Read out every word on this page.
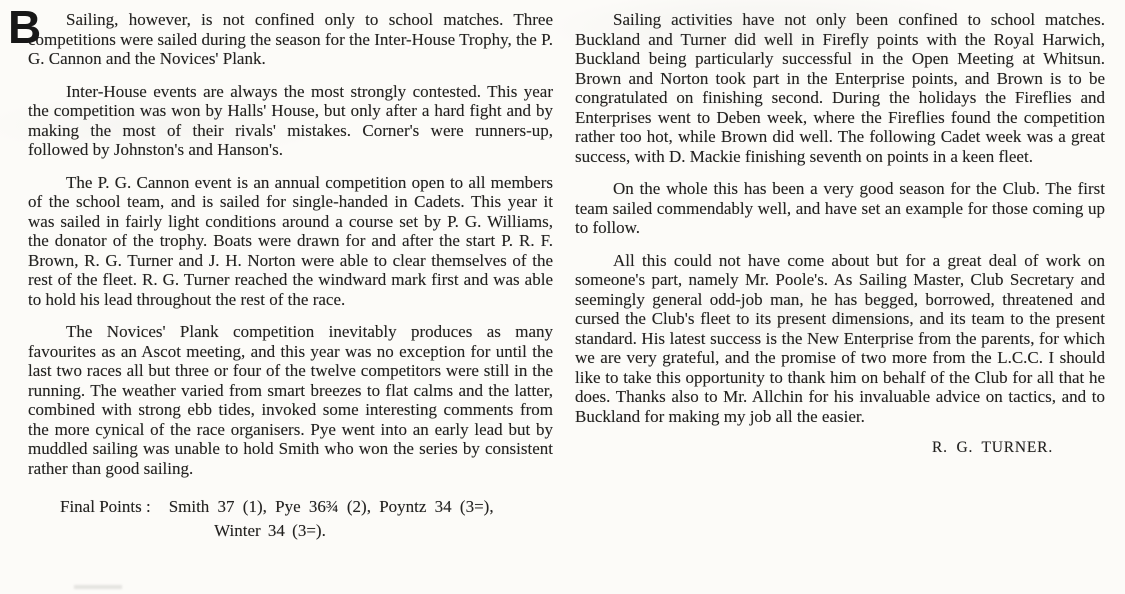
B	Sailing, however, is not confined only to school matches. Three competitions were sailed during the season for the Inter-House Trophy, the P. G. Cannon and the Novices' Plank.

Inter-House events are always the most strongly contested. This year the competition was won by Halls' House, but only after a hard fight and by making the most of their rivals' mistakes. Corner's were runners-up, followed by Johnston's and Hanson's.

The P. G. Cannon event is an annual competition open to all members of the school team, and is sailed for single-handed in Cadets. This year it was sailed in fairly light conditions around a course set by P. G. Williams, the donator of the trophy. Boats were drawn for and after the start P. R. F. Brown, R. G. Turner and J. H. Norton were able to clear themselves of the rest of the fleet. R. G. Turner reached the windward mark first and was able to hold his lead throughout the rest of the race.

The Novices' Plank competition inevitably produces as many favourites as an Ascot meeting, and this year was no exception for until the last two races all but three or four of the twelve competitors were still in the running. The weather varied from smart breezes to flat calms and the latter, combined with strong ebb tides, invoked some interesting comments from the more cynical of the race organisers. Pye went into an early lead but by muddled sailing was unable to hold Smith who won the series by consistent rather than good sailing.

Final Points : Smith 37 (1), Pye 36¾ (2), Poyntz 34 (3=),
Winter 34 (3=).

Sailing activities have not only been confined to school matches. Buckland and Turner did well in Firefly points with the Royal Harwich, Buckland being particularly successful in the Open Meeting at Whitsun. Brown and Norton took part in the Enterprise points, and Brown is to be congratulated on finishing second. During the holidays the Fireflies and Enterprises went to Deben week, where the Fireflies found the competition rather too hot, while Brown did well. The following Cadet week was a great success, with D. Mackie finishing seventh on points in a keen fleet.

On the whole this has been a very good season for the Club. The first team sailed commendably well, and have set an example for those coming up to follow.

All this could not have come about but for a great deal of work on someone's part, namely Mr. Poole's. As Sailing Master, Club Secretary and seemingly general odd-job man, he has begged, borrowed, threatened and cursed the Club's fleet to its present dimensions, and its team to the present standard. His latest success is the New Enterprise from the parents, for which we are very grateful, and the promise of two more from the L.C.C. I should like to take this opportunity to thank him on behalf of the Club for all that he does. Thanks also to Mr. Allchin for his invaluable advice on tactics, and to Buckland for making my job all the easier.

R. G. TURNER.
